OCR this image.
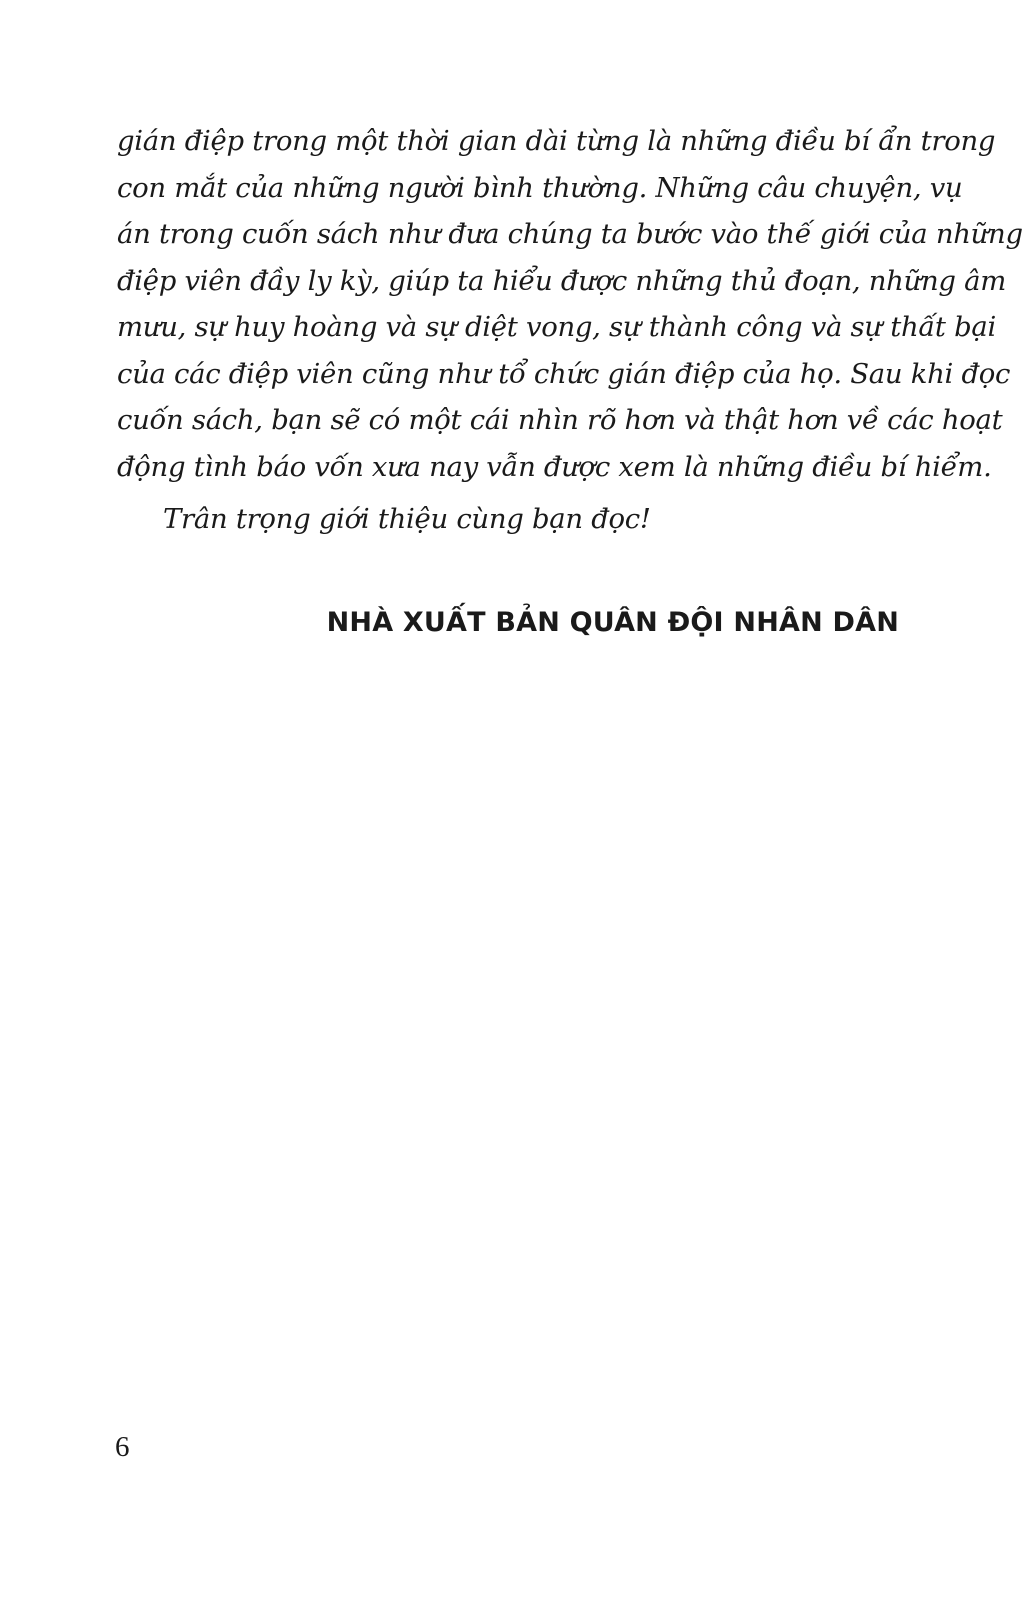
gián điệp trong một thời gian dài từng là những điều bí ẩn trong
con mắt của những người bình thường. Những câu chuyện, vụ
án trong cuốn sách như đưa chúng ta bước vào thế giới của những
điệp viên đầy ly kỳ, giúp ta hiểu được những thủ đoạn, những âm
mưu, sự huy hoàng và sự diệt vong, sự thành công và sự thất bại
của các điệp viên cũng như tổ chức gián điệp của họ. Sau khi đọc
cuốn sách, bạn sẽ có một cái nhìn rõ hơn và thật hơn về các hoạt
động tình báo vốn xưa nay vẫn được xem là những điều bí hiểm.
Trân trọng giới thiệu cùng bạn đọc!
NHÀ XUẤT BẢN QUÂN ĐỘI NHÂN DÂN
6
